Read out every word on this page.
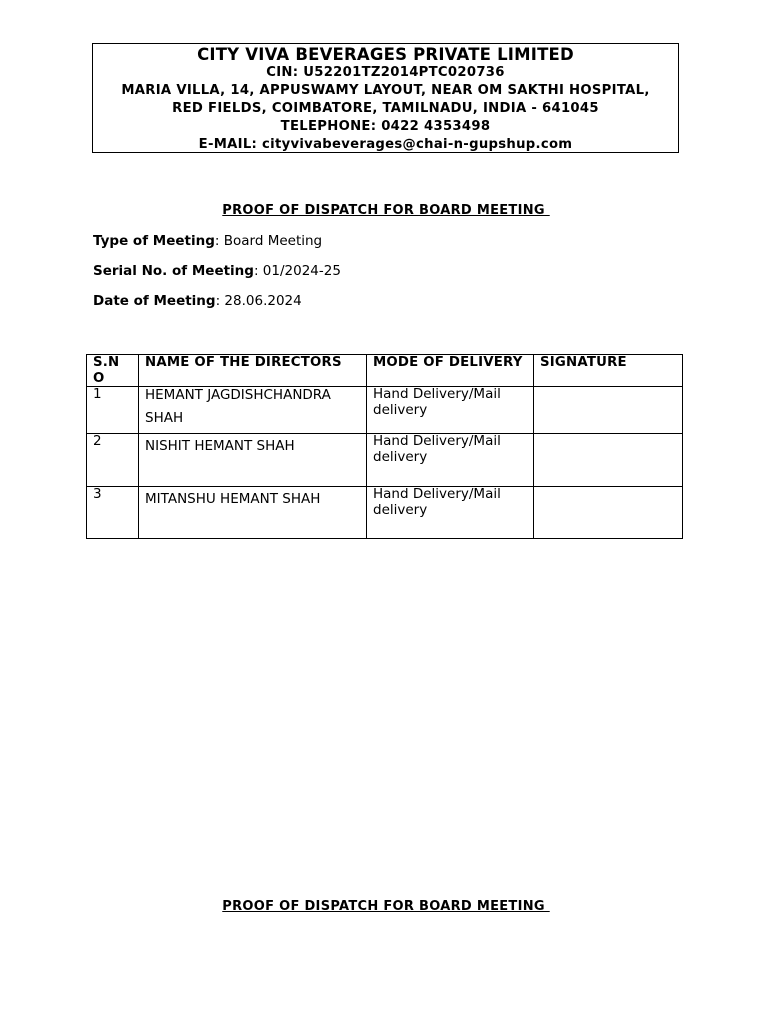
CITY VIVA BEVERAGES PRIVATE LIMITED
CIN: U52201TZ2014PTC020736
MARIA VILLA, 14, APPUSWAMY LAYOUT, NEAR OM SAKTHI HOSPITAL,
RED FIELDS, COIMBATORE, TAMILNADU, INDIA - 641045
TELEPHONE: 0422 4353498
E-MAIL: cityvivabeverages@chai-n-gupshup.com
PROOF OF DISPATCH FOR BOARD MEETING
Type of Meeting: Board Meeting
Serial No. of Meeting: 01/2024-25
Date of Meeting: 28.06.2024
S.N O	NAME OF THE DIRECTORS	MODE OF DELIVERY	SIGNATURE
1	HEMANT JAGDISHCHANDRA SHAH	Hand Delivery/Mail delivery	
2	NISHIT HEMANT SHAH	Hand Delivery/Mail delivery	
3	MITANSHU HEMANT SHAH	Hand Delivery/Mail delivery	
PROOF OF DISPATCH FOR BOARD MEETING
